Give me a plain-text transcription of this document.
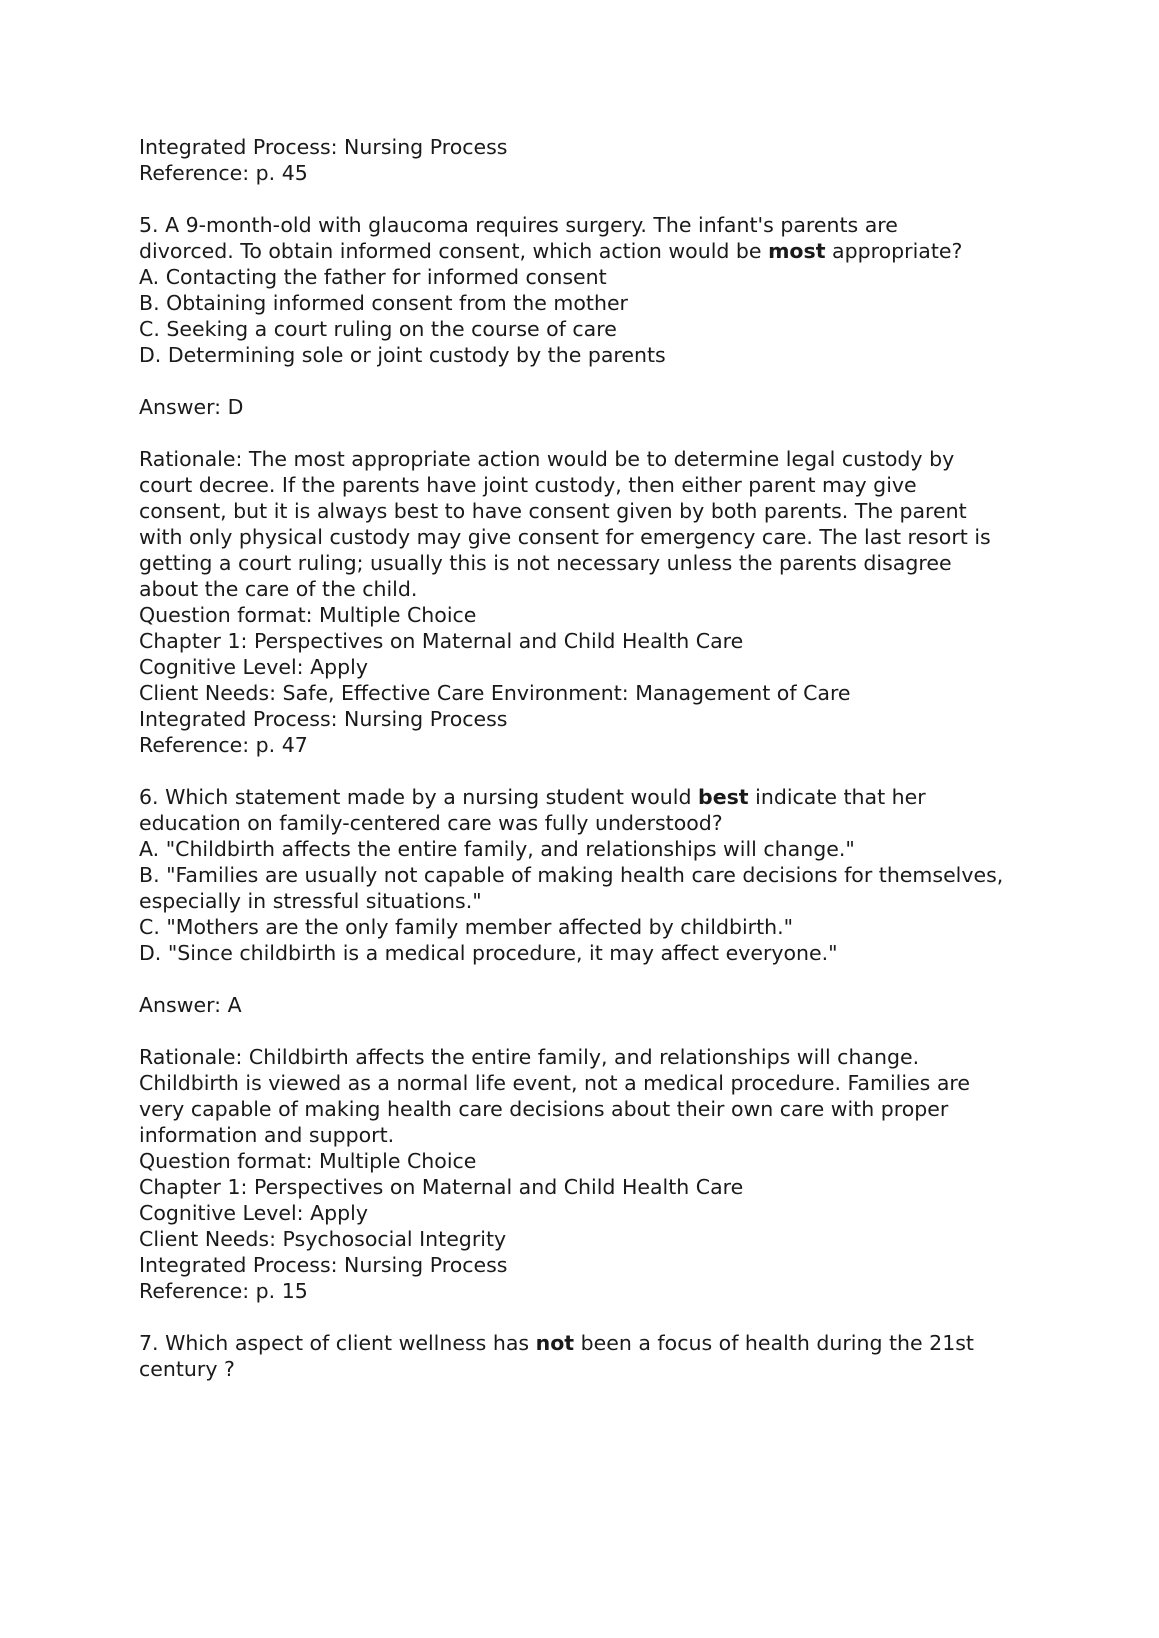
Integrated Process: Nursing Process
Reference: p. 45
5. A 9-month-old with glaucoma requires surgery. The infant's parents are
divorced. To obtain informed consent, which action would be most appropriate?
A. Contacting the father for informed consent
B. Obtaining informed consent from the mother
C. Seeking a court ruling on the course of care
D. Determining sole or joint custody by the parents
Answer: D
Rationale: The most appropriate action would be to determine legal custody by
court decree. If the parents have joint custody, then either parent may give
consent, but it is always best to have consent given by both parents. The parent
with only physical custody may give consent for emergency care. The last resort is
getting a court ruling; usually this is not necessary unless the parents disagree
about the care of the child.
Question format: Multiple Choice
Chapter 1: Perspectives on Maternal and Child Health Care
Cognitive Level: Apply
Client Needs: Safe, Effective Care Environment: Management of Care
Integrated Process: Nursing Process
Reference: p. 47
6. Which statement made by a nursing student would best indicate that her
education on family-centered care was fully understood?
A. "Childbirth affects the entire family, and relationships will change."
B. "Families are usually not capable of making health care decisions for themselves,
especially in stressful situations."
C. "Mothers are the only family member affected by childbirth."
D. "Since childbirth is a medical procedure, it may affect everyone."
Answer: A
Rationale: Childbirth affects the entire family, and relationships will change.
Childbirth is viewed as a normal life event, not a medical procedure. Families are
very capable of making health care decisions about their own care with proper
information and support.
Question format: Multiple Choice
Chapter 1: Perspectives on Maternal and Child Health Care
Cognitive Level: Apply
Client Needs: Psychosocial Integrity
Integrated Process: Nursing Process
Reference: p. 15
7. Which aspect of client wellness has not been a focus of health during the 21st
century ?
